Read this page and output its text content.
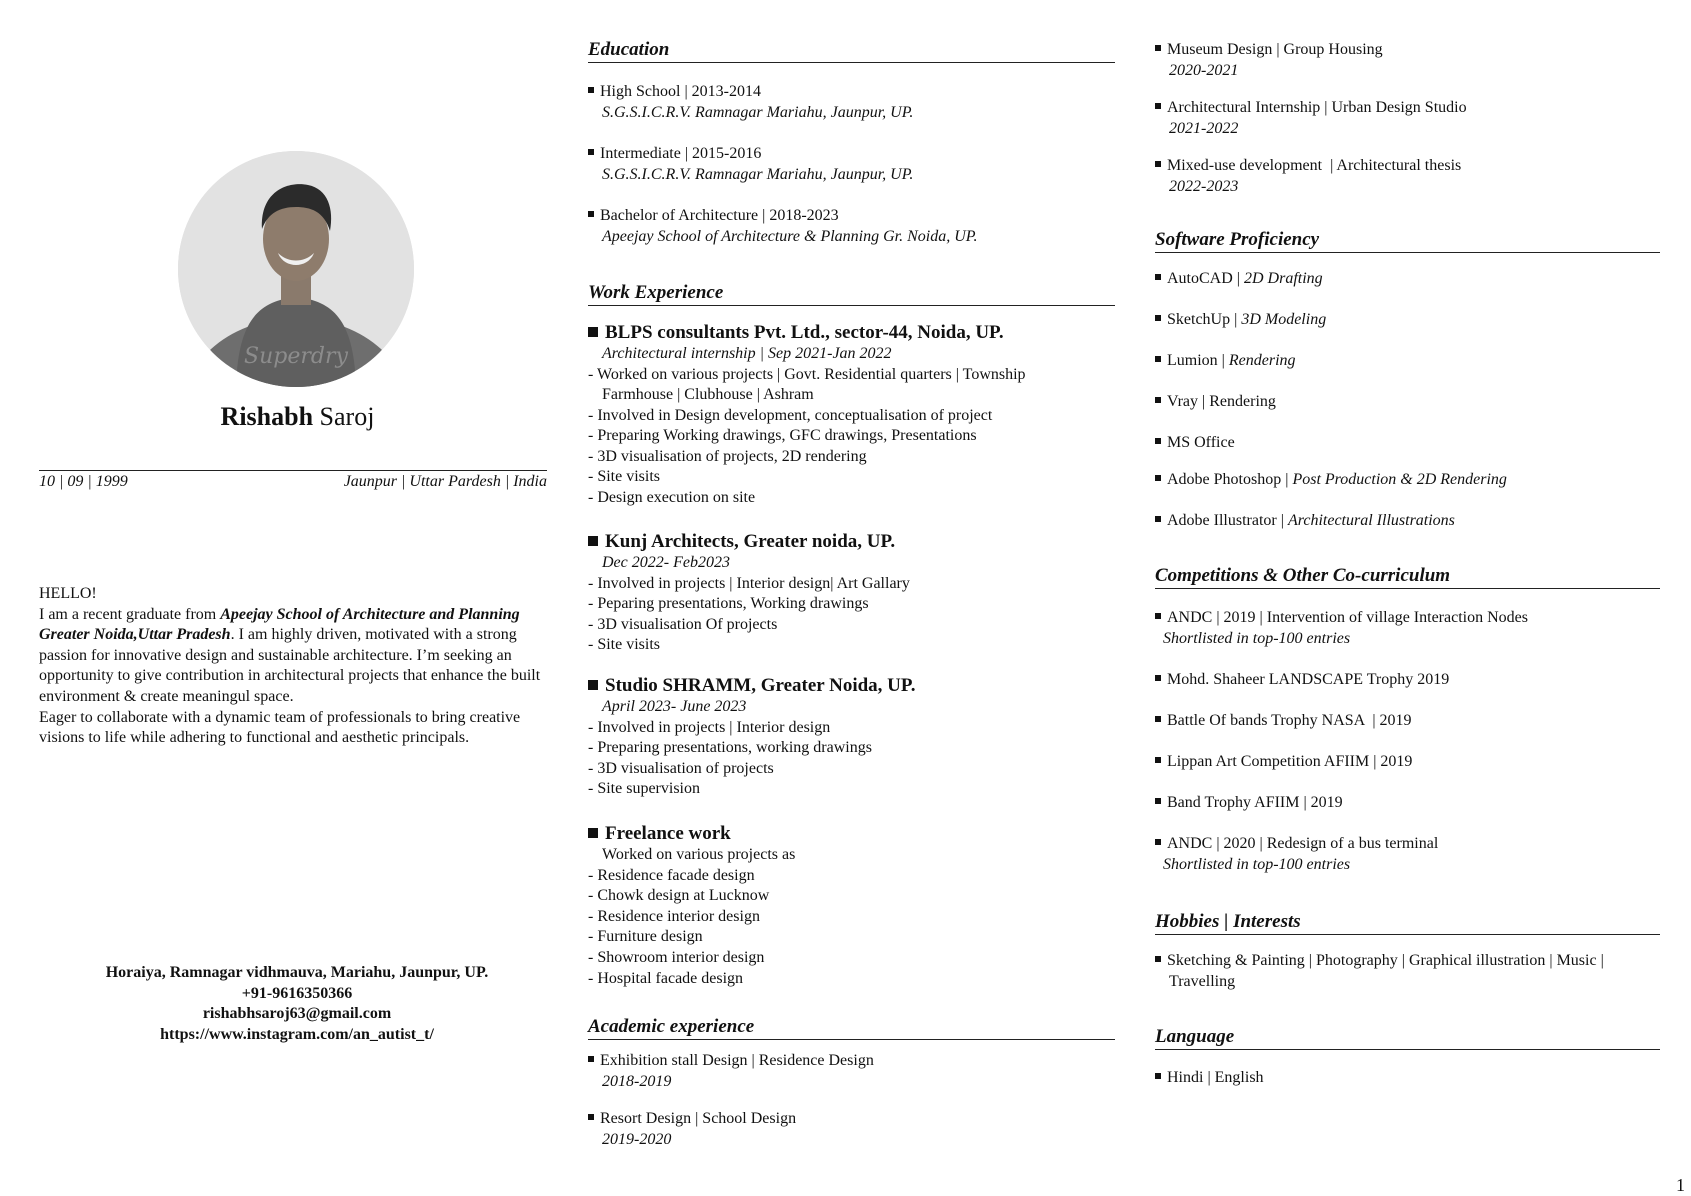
Superdry
Rishabh Saroj
10 | 09 | 1999	Jaunpur | Uttar Pardesh | India

HELLO!

I am a recent graduate from Apeejay School of Architecture and Planning Greater Noida,Uttar Pradesh. I am highly driven, motivated with a strong passion for innovative design and sustainable architecture. I’m seeking an opportunity to give contribution in architectural projects that enhance the built environment & create meaningul space.

Eager to collaborate with a dynamic team of professionals to bring creative visions to life while adhering to functional and aesthetic principals.

Horaiya, Ramnagar vidhmauva, Mariahu, Jaunpur, UP.
+91-9616350366
rishabhsaroj63@gmail.com
https://www.instagram.com/an_autist_t/
Education
High School | 2013-2014
S.G.S.I.C.R.V. Ramnagar Mariahu, Jaunpur, UP.
Intermediate | 2015-2016
S.G.S.I.C.R.V. Ramnagar Mariahu, Jaunpur, UP.
Bachelor of Architecture | 2018-2023
Apeejay School of Architecture & Planning Gr. Noida, UP.
Work Experience
BLPS consultants Pvt. Ltd., sector-44, Noida, UP.
Architectural internship | Sep 2021-Jan 2022
- Worked on various projects | Govt. Residential quarters | Township
Farmhouse | Clubhouse | Ashram
- Involved in Design development, conceptualisation of project
- Preparing Working drawings, GFC drawings, Presentations
- 3D visualisation of projects, 2D rendering
- Site visits
- Design execution on site
Kunj Architects, Greater noida, UP.
Dec 2022- Feb2023
- Involved in projects | Interior design| Art Gallary
- Peparing presentations, Working drawings
- 3D visualisation Of projects
- Site visits
Studio SHRAMM, Greater Noida, UP.
April 2023- June 2023
- Involved in projects | Interior design
- Preparing presentations, working drawings
- 3D visualisation of projects
- Site supervision
Freelance work
Worked on various projects as
- Residence facade design
- Chowk design at Lucknow
- Residence interior design
- Furniture design
- Showroom interior design
- Hospital facade design
Academic experience
Exhibition stall Design | Residence Design
2018-2019
Resort Design | School Design
2019-2020
Museum Design | Group Housing
2020-2021
Architectural Internship | Urban Design Studio
2021-2022
Mixed-use development  | Architectural thesis
2022-2023
Software Proficiency
AutoCAD | 2D Drafting
SketchUp | 3D Modeling
Lumion | Rendering
Vray | Rendering
MS Office
Adobe Photoshop | Post Production & 2D Rendering
Adobe Illustrator | Architectural Illustrations
Competitions & Other Co-curriculum
ANDC | 2019 | Intervention of village Interaction Nodes
Shortlisted in top-100 entries
Mohd. Shaheer LANDSCAPE Trophy 2019
Battle Of bands Trophy NASA  | 2019
Lippan Art Competition AFIIM | 2019
Band Trophy AFIIM | 2019
ANDC | 2020 | Redesign of a bus terminal
Shortlisted in top-100 entries
Hobbies | Interests
Sketching & Painting | Photography | Graphical illustration | Music |
Travelling
Language
Hindi | English
1
